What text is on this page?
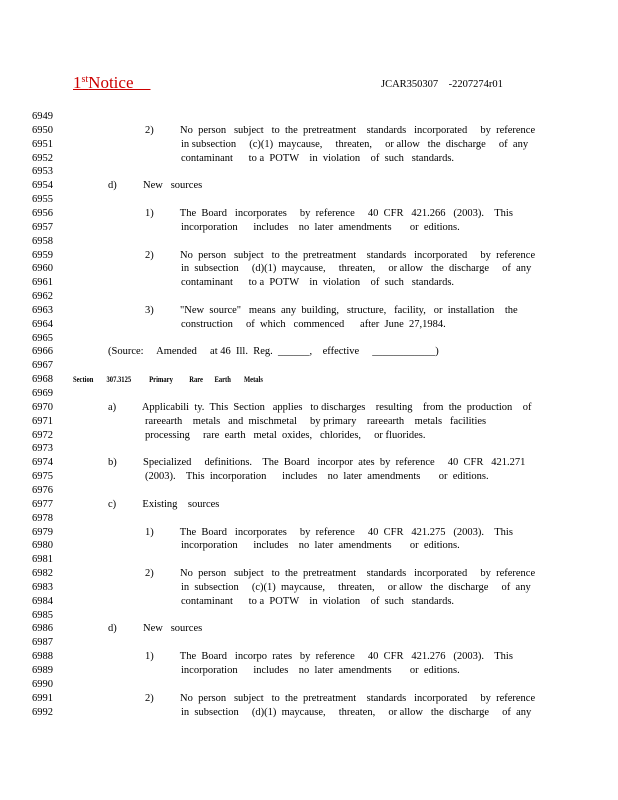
1stNotice	JCAR350307    -2207274r01
6949
6950	2)          No  person   subject   to  the  pretreatment    standards   incorporated     by  reference
6951	in subsection     (c)(1)  maycause,     threaten,     or allow   the  discharge     of  any
6952	contaminant      to a  POTW    in  violation    of  such   standards.
6953
6954	d)          New   sources
6955
6956	1)          The  Board   incorporates     by  reference     40  CFR   421.266   (2003).    This
6957	incorporation      includes    no  later  amendments       or  editions.
6958
6959	2)          No  person   subject   to  the  pretreatment    standards   incorporated     by  reference
6960	in  subsection     (d)(1)  maycause,     threaten,     or allow   the  discharge     of  any
6961	contaminant      to a  POTW    in  violation    of  such   standards.
6962
6963	3)          "New  source"   means  any  building,   structure,   facility,   or  installation    the
6964	construction     of  which   commenced      after  June  27,1984.
6965
6966	(Source:     Amended     at 46  Ill.  Reg.  ______,    effective     ____________)
6967
6968	Section        307.3125           Primary          Rare       Earth        Metals
6969
6970	a)          Applicabili  ty.  This  Section   applies   to discharges    resulting    from  the  production    of
6971	rareearth    metals   and  mischmetal     by primary    rareearth    metals   facilities
6972	processing     rare  earth   metal  oxides,   chlorides,     or fluorides.
6973
6974	b)          Specialized     definitions.    The  Board   incorpor  ates  by  reference     40  CFR   421.271
6975	(2003).    This  incorporation      includes    no  later  amendments       or  editions.
6976
6977	c)          Existing    sources
6978
6979	1)          The  Board   incorporates     by  reference     40  CFR   421.275   (2003).    This
6980	incorporation      includes    no  later  amendments       or  editions.
6981
6982	2)          No  person   subject   to  the  pretreatment    standards   incorporated     by  reference
6983	in  subsection     (c)(1)  maycause,     threaten,     or allow   the  discharge     of  any
6984	contaminant      to a  POTW    in  violation    of  such   standards.
6985
6986	d)          New   sources
6987
6988	1)          The  Board   incorpo  rates   by  reference     40  CFR   421.276   (2003).    This
6989	incorporation      includes    no  later  amendments       or  editions.
6990
6991	2)          No  person   subject   to  the  pretreatment    standards   incorporated     by  reference
6992	in  subsection     (d)(1)  maycause,     threaten,     or allow   the  discharge     of  any
